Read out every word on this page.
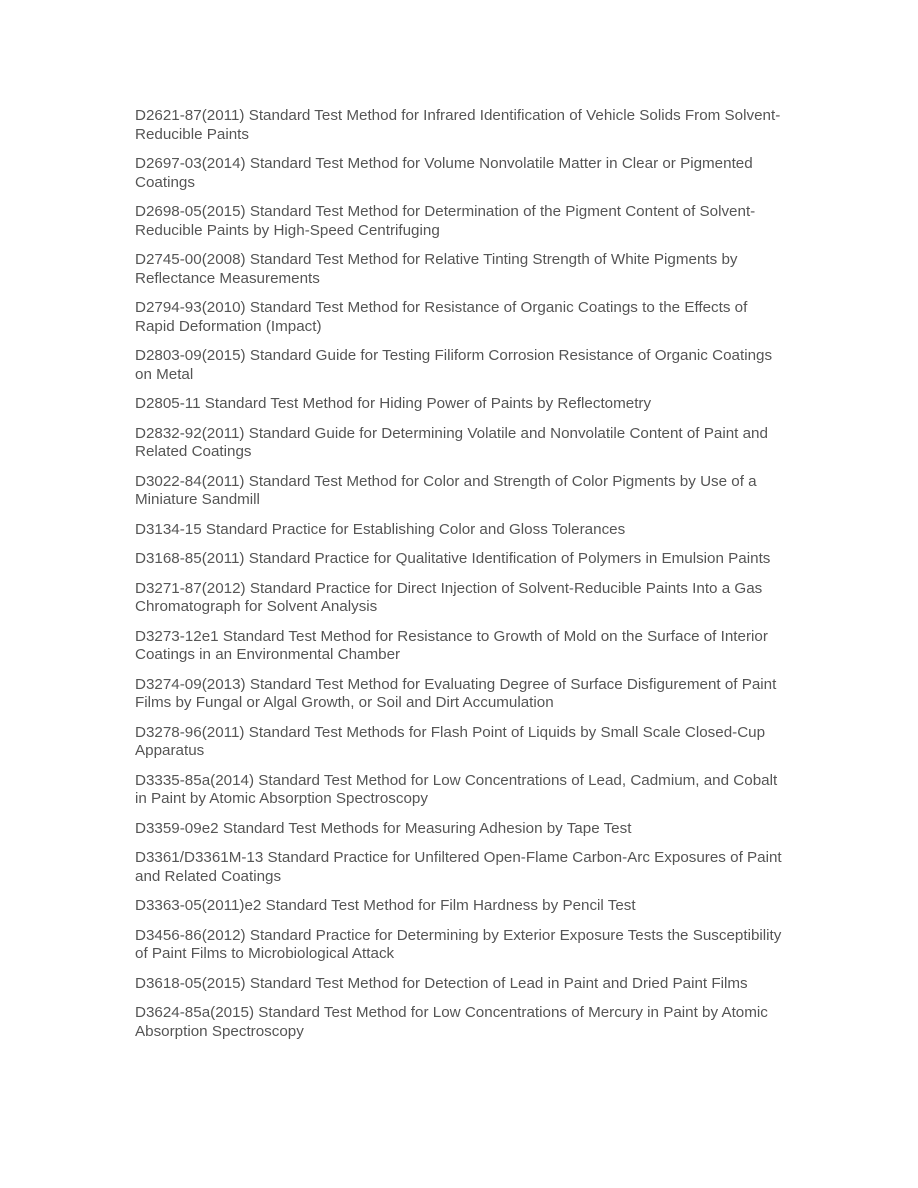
D2621-87(2011) Standard Test Method for Infrared Identification of Vehicle Solids From Solvent-Reducible Paints

D2697-03(2014) Standard Test Method for Volume Nonvolatile Matter in Clear or Pigmented Coatings

D2698-05(2015) Standard Test Method for Determination of the Pigment Content of Solvent-Reducible Paints by High-Speed Centrifuging

D2745-00(2008) Standard Test Method for Relative Tinting Strength of White Pigments by Reflectance Measurements

D2794-93(2010) Standard Test Method for Resistance of Organic Coatings to the Effects of Rapid Deformation (Impact)

D2803-09(2015) Standard Guide for Testing Filiform Corrosion Resistance of Organic Coatings on Metal

D2805-11 Standard Test Method for Hiding Power of Paints by Reflectometry

D2832-92(2011) Standard Guide for Determining Volatile and Nonvolatile Content of Paint and Related Coatings

D3022-84(2011) Standard Test Method for Color and Strength of Color Pigments by Use of a Miniature Sandmill

D3134-15 Standard Practice for Establishing Color and Gloss Tolerances

D3168-85(2011) Standard Practice for Qualitative Identification of Polymers in Emulsion Paints

D3271-87(2012) Standard Practice for Direct Injection of Solvent-Reducible Paints Into a Gas Chromatograph for Solvent Analysis

D3273-12e1 Standard Test Method for Resistance to Growth of Mold on the Surface of Interior Coatings in an Environmental Chamber

D3274-09(2013) Standard Test Method for Evaluating Degree of Surface Disfigurement of Paint Films by Fungal or Algal Growth, or Soil and Dirt Accumulation

D3278-96(2011) Standard Test Methods for Flash Point of Liquids by Small Scale Closed-Cup Apparatus

D3335-85a(2014) Standard Test Method for Low Concentrations of Lead, Cadmium, and Cobalt in Paint by Atomic Absorption Spectroscopy

D3359-09e2 Standard Test Methods for Measuring Adhesion by Tape Test

D3361/D3361M-13 Standard Practice for Unfiltered Open-Flame Carbon-Arc Exposures of Paint and Related Coatings

D3363-05(2011)e2 Standard Test Method for Film Hardness by Pencil Test

D3456-86(2012) Standard Practice for Determining by Exterior Exposure Tests the Susceptibility of Paint Films to Microbiological Attack

D3618-05(2015) Standard Test Method for Detection of Lead in Paint and Dried Paint Films

D3624-85a(2015) Standard Test Method for Low Concentrations of Mercury in Paint by Atomic Absorption Spectroscopy
